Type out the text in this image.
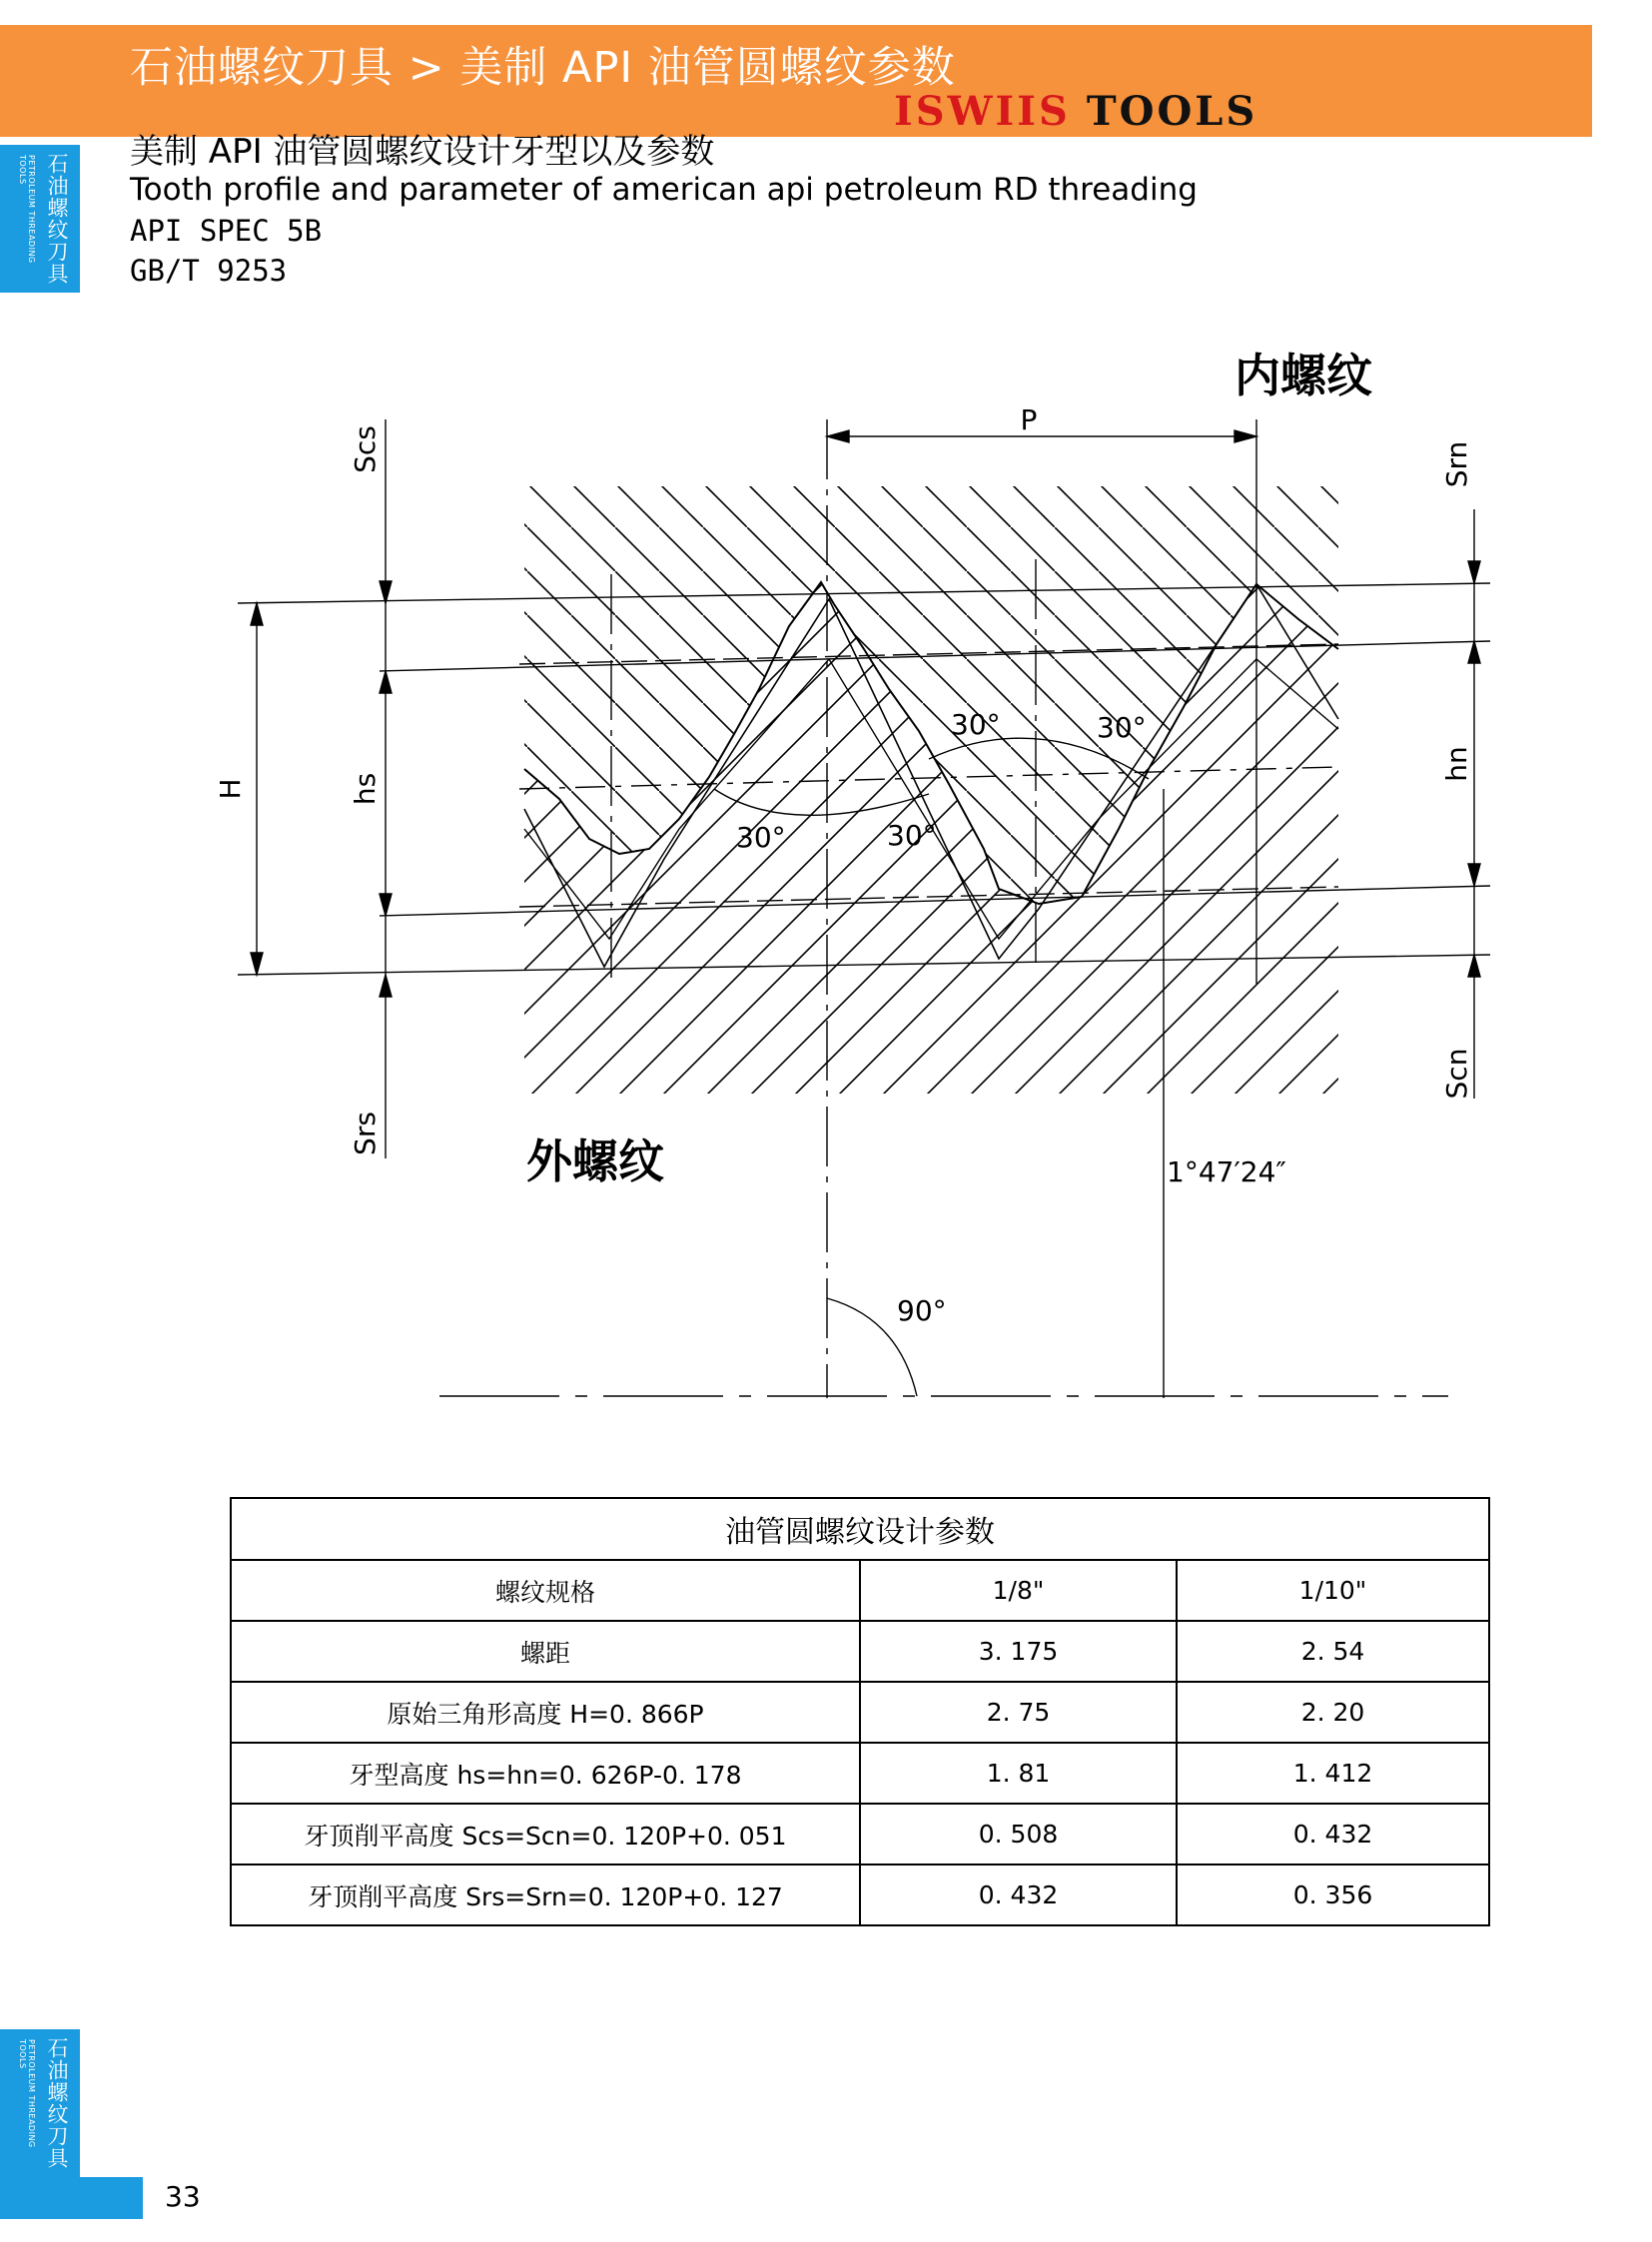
石油螺纹刀具 > 美制 API 油管圆螺纹参数
ISWIIS TOOLS
石油螺纹刀具
PETROLEUM THREADING TOOLS
石油螺纹刀具
PETROLEUM THREADING TOOLS
美制 API 油管圆螺纹设计牙型以及参数
Tooth profile and parameter of american api petroleum RD threading
API SPEC 5B
GB/T 9253
内螺纹
外螺纹
P
H	hs
hn
Scs
Srs
Srn
Scn
30°	30°
30°	30°
1°47′24″
90°
油管圆螺纹设计参数		
螺纹规格	1/8"	1/10"
螺距	3. 175	2. 54
原始三角形高度 H=0. 866P	2. 75	2. 20
牙型高度 hs=hn=0. 626P-0. 178	1. 81	1. 412
牙顶削平高度 Scs=Scn=0. 120P+0. 051	0. 508	0. 432
牙顶削平高度 Srs=Srn=0. 120P+0. 127	0. 432	0. 356
33
